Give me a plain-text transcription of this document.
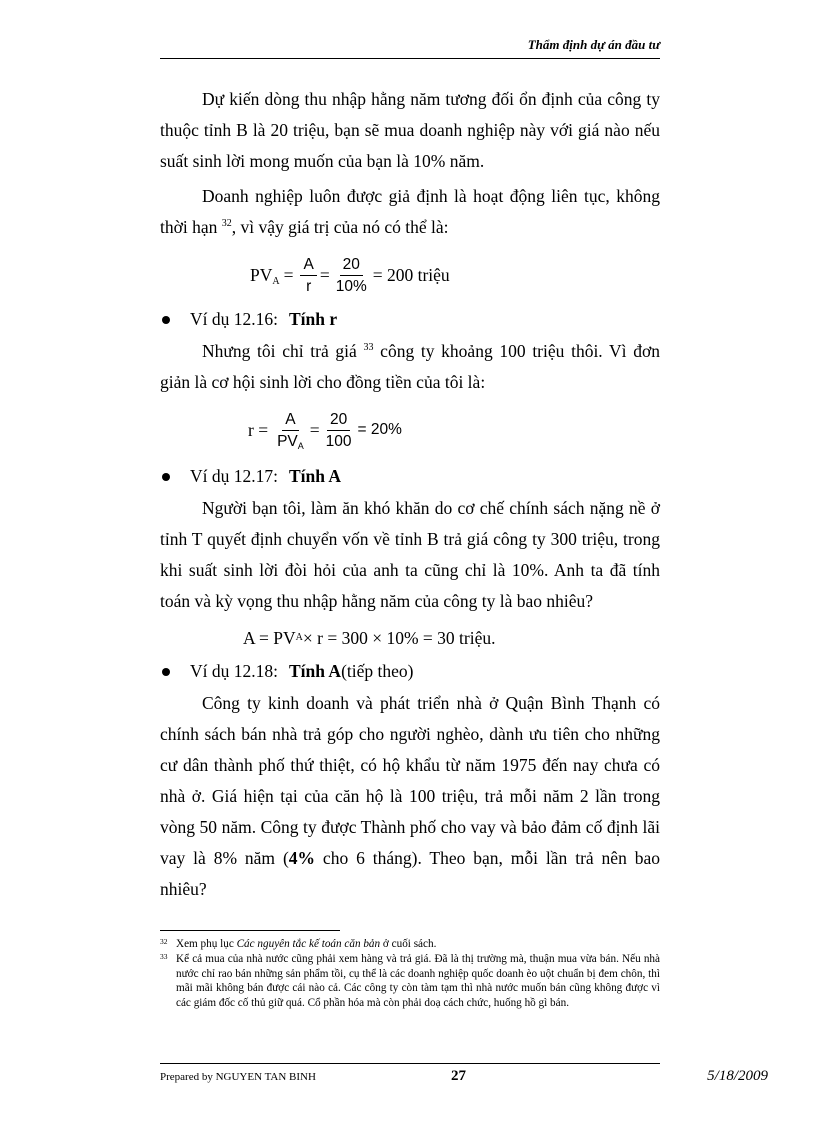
Thẩm định dự án đầu tư

Dự kiến dòng thu nhập hằng năm tương đối ổn định của công ty thuộc tỉnh B là 20 triệu, bạn sẽ mua doanh nghiệp này với giá nào nếu suất sinh lời mong muốn của bạn là 10% năm.

Doanh nghiệp luôn được giả định là hoạt động liên tục, không thời hạn $^{32}$, vì vậy giá trị của nó có thể là:

$PV_A = \frac{A}{r} = \frac{20}{10\%} = 200$ triệu
Ví dụ 12.16: Tính r

Nhưng tôi chỉ trả giá $^{33}$ công ty khoảng 100 triệu thôi. Vì đơn giản là cơ hội sinh lời cho đồng tiền của tôi là:

$r = \frac{A}{PV_A} = \frac{20}{100} = 20\%$
Ví dụ 12.17: Tính A

Người bạn tôi, làm ăn khó khăn do cơ chế chính sách nặng nề ở tỉnh T quyết định chuyển vốn về tỉnh B trả giá công ty 300 triệu, trong khi suất sinh lời đòi hỏi của anh ta cũng chỉ là 10%. Anh ta đã tính toán và kỳ vọng thu nhập hằng năm của công ty là bao nhiêu?

A = PV A × r = 300 × 10% = 30 triệu.
Ví dụ 12.18: Tính A (tiếp theo)

Công ty kinh doanh và phát triển nhà ở Quận Bình Thạnh có chính sách bán nhà trả góp cho người nghèo, dành ưu tiên cho những cư dân thành phố thứ thiệt, có hộ khẩu từ năm 1975 đến nay chưa có nhà ở. Giá hiện tại của căn hộ là 100 triệu, trả mỗi năm 2 lần trong vòng 50 năm. Công ty được Thành phố cho vay và bảo đảm cố định lãi vay là 8% năm (4% cho 6 tháng). Theo bạn, mỗi lần trả nên bao nhiêu?

32 Xem phụ lục Các nguyên tắc kế toán căn bản ở cuối sách.
33 Kể cả mua của nhà nước cũng phải xem hàng và trả giá. Đã là thị trường mà, thuận mua vừa bán. Nếu nhà nước chỉ rao bán những sản phẩm tồi, cụ thể là các doanh nghiệp quốc doanh èo uột chuẩn bị đem chôn, thì mãi mãi không bán được cái nào cả. Các công ty còn tàm tạm thì nhà nước muốn bán cũng không được vì các giám đốc cố thủ giữ quá. Cổ phần hóa mà còn phải doạ cách chức, huống hồ gì bán.
Prepared by NGUYEN TAN BINH	27	5/18/2009
